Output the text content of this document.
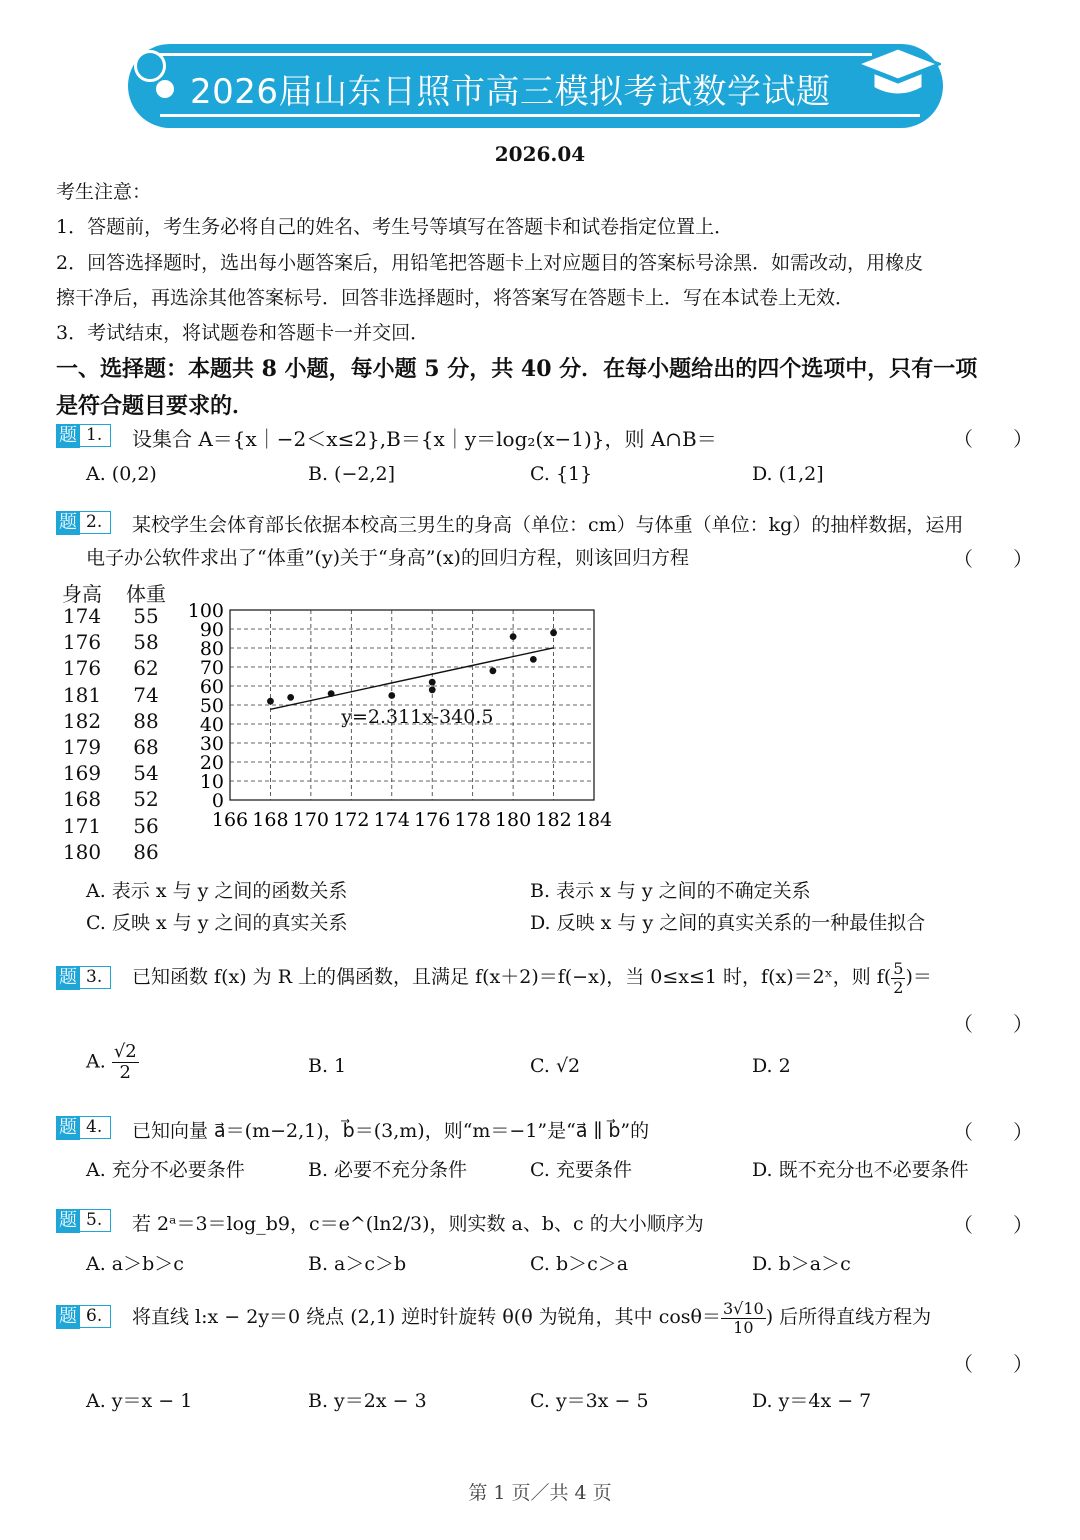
2026届山东日照市高三模拟考试数学试题
2026.04
考生注意：
1．答题前，考生务必将自己的姓名、考生号等填写在答题卡和试卷指定位置上．
2．回答选择题时，选出每小题答案后，用铅笔把答题卡上对应题目的答案标号涂黑．如需改动，用橡皮
擦干净后，再选涂其他答案标号．回答非选择题时，将答案写在答题卡上．写在本试卷上无效．
3．考试结束，将试题卷和答题卡一并交回．
一、选择题：本题共 8 小题，每小题 5 分，共 40 分．在每小题给出的四个选项中，只有一项
是符合题目要求的．
题 1.	设集合 A＝{x｜−2＜x≤2},B＝{x｜y＝log₂(x−1)}，则 A∩B＝	（　　）
A. (0,2)	B. (−2,2]	C. {1}	D. (1,2]
题 2.	某校学生会体育部长依据本校高三男生的身高（单位：cm）与体重（单位：kg）的抽样数据，运用
电子办公软件求出了“体重”(y)关于“身高”(x)的回归方程，则该回归方程	（　　）
身高 体重
174	55
176	58
176	62
181	74
182	88
179	68
169	54
168	52
171	56
180	86
100
90
80
70
60
50
40
30
20
10
0
166 168 170 172 174 176 178 180 182 184
y=2.311x-340.5
A. 表示 x 与 y 之间的函数关系	B. 表示 x 与 y 之间的不确定关系
C. 反映 x 与 y 之间的真实关系	D. 反映 x 与 y 之间的真实关系的一种最佳拟合
题 3.	已知函数 f(x) 为 R 上的偶函数，且满足 f(x＋2)＝f(−x)，当 0≤x≤1 时，f(x)＝2ˣ，则 $f( \frac{5}{2}$ )＝
（　　）
A. $\frac{√2}{2}$	B. 1	C. √2	D. 2
题 4.	已知向量 a⃗＝(m−2,1)，b⃗＝(3,m)，则“m＝−1”是“a⃗ ∥ b⃗”的	（　　）
A. 充分不必要条件	B. 必要不充分条件	C. 充要条件	D. 既不充分也不必要条件
题 5.	若 2ᵃ＝3＝log_b9，c＝e^(ln2/3)，则实数 a、b、c 的大小顺序为	（　　）
A. a＞b＞c	B. a＞c＞b	C. b＞c＞a	D. b＞a＞c
题 6.	将直线 l:x − 2y＝0 绕点 (2,1) 逆时针旋转 θ(θ 为锐角，其中 $\cos\theta= \frac{3√10}{10}$ ) 后所得直线方程为
（　　）
A. y＝x − 1	B. y＝2x − 3	C. y＝3x − 5	D. y＝4x − 7
第 1 页／共 4 页
